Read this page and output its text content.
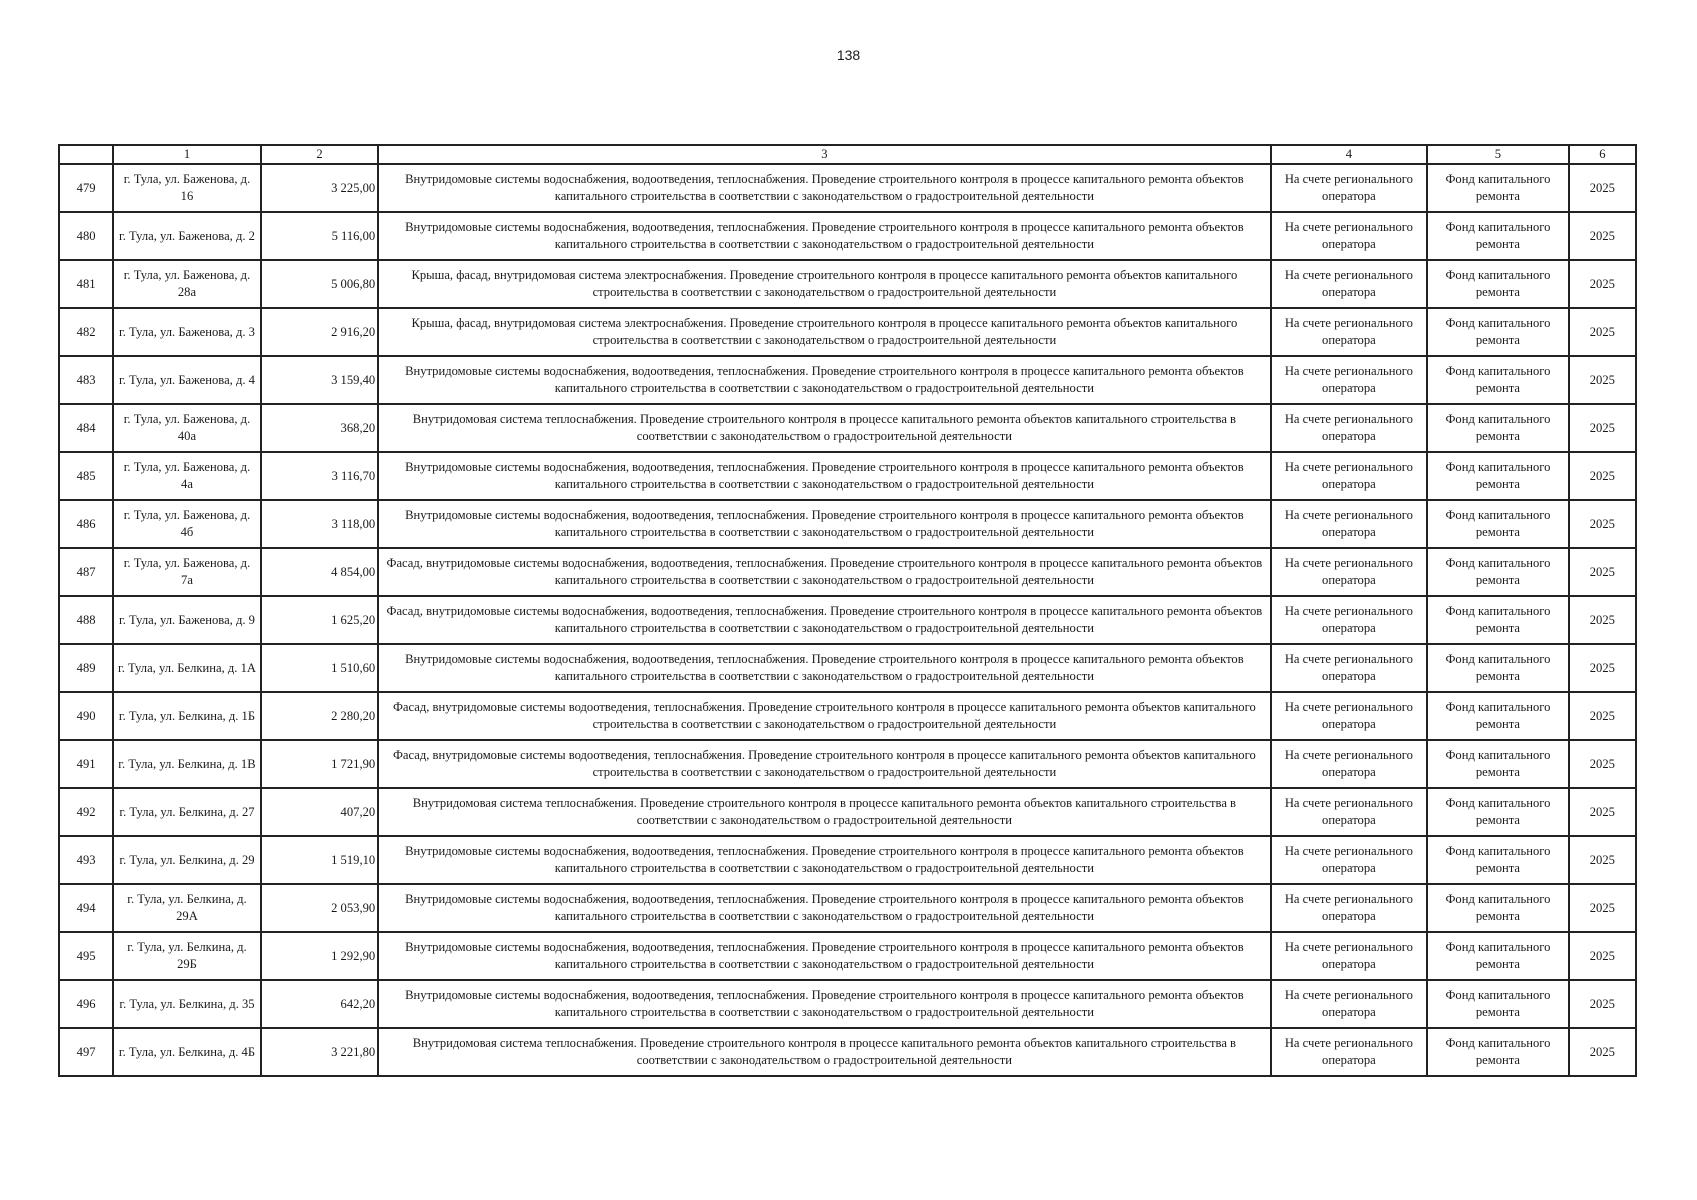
138
	1	2	3	4	5	6
479	г. Тула, ул. Баженова, д. 16	3 225,00	Внутридомовые системы водоснабжения, водоотведения, теплоснабжения. Проведение строительного контроля в процессе капитального ремонта объектов капитального строительства в соответствии с законодательством о градостроительной деятельности	На счете регионального оператора	Фонд капитального ремонта	2025
480	г. Тула, ул. Баженова, д. 2	5 116,00	Внутридомовые системы водоснабжения, водоотведения, теплоснабжения. Проведение строительного контроля в процессе капитального ремонта объектов капитального строительства в соответствии с законодательством о градостроительной деятельности	На счете регионального оператора	Фонд капитального ремонта	2025
481	г. Тула, ул. Баженова, д. 28а	5 006,80	Крыша, фасад, внутридомовая система электроснабжения. Проведение строительного контроля в процессе капитального ремонта объектов капитального строительства в соответствии с законодательством о градостроительной деятельности	На счете регионального оператора	Фонд капитального ремонта	2025
482	г. Тула, ул. Баженова, д. 3	2 916,20	Крыша, фасад, внутридомовая система электроснабжения. Проведение строительного контроля в процессе капитального ремонта объектов капитального строительства в соответствии с законодательством о градостроительной деятельности	На счете регионального оператора	Фонд капитального ремонта	2025
483	г. Тула, ул. Баженова, д. 4	3 159,40	Внутридомовые системы водоснабжения, водоотведения, теплоснабжения. Проведение строительного контроля в процессе капитального ремонта объектов капитального строительства в соответствии с законодательством о градостроительной деятельности	На счете регионального оператора	Фонд капитального ремонта	2025
484	г. Тула, ул. Баженова, д. 40а	368,20	Внутридомовая система теплоснабжения. Проведение строительного контроля в процессе капитального ремонта объектов капитального строительства в соответствии с законодательством о градостроительной деятельности	На счете регионального оператора	Фонд капитального ремонта	2025
485	г. Тула, ул. Баженова, д. 4а	3 116,70	Внутридомовые системы водоснабжения, водоотведения, теплоснабжения. Проведение строительного контроля в процессе капитального ремонта объектов капитального строительства в соответствии с законодательством о градостроительной деятельности	На счете регионального оператора	Фонд капитального ремонта	2025
486	г. Тула, ул. Баженова, д. 4б	3 118,00	Внутридомовые системы водоснабжения, водоотведения, теплоснабжения. Проведение строительного контроля в процессе капитального ремонта объектов капитального строительства в соответствии с законодательством о градостроительной деятельности	На счете регионального оператора	Фонд капитального ремонта	2025
487	г. Тула, ул. Баженова, д. 7а	4 854,00	Фасад, внутридомовые системы водоснабжения, водоотведения, теплоснабжения. Проведение строительного контроля в процессе капитального ремонта объектов капитального строительства в соответствии с законодательством о градостроительной деятельности	На счете регионального оператора	Фонд капитального ремонта	2025
488	г. Тула, ул. Баженова, д. 9	1 625,20	Фасад, внутридомовые системы водоснабжения, водоотведения, теплоснабжения. Проведение строительного контроля в процессе капитального ремонта объектов капитального строительства в соответствии с законодательством о градостроительной деятельности	На счете регионального оператора	Фонд капитального ремонта	2025
489	г. Тула, ул. Белкина, д. 1А	1 510,60	Внутридомовые системы водоснабжения, водоотведения, теплоснабжения. Проведение строительного контроля в процессе капитального ремонта объектов капитального строительства в соответствии с законодательством о градостроительной деятельности	На счете регионального оператора	Фонд капитального ремонта	2025
490	г. Тула, ул. Белкина, д. 1Б	2 280,20	Фасад, внутридомовые системы водоотведения, теплоснабжения. Проведение строительного контроля в процессе капитального ремонта объектов капитального строительства в соответствии с законодательством о градостроительной деятельности	На счете регионального оператора	Фонд капитального ремонта	2025
491	г. Тула, ул. Белкина, д. 1В	1 721,90	Фасад, внутридомовые системы водоотведения, теплоснабжения. Проведение строительного контроля в процессе капитального ремонта объектов капитального строительства в соответствии с законодательством о градостроительной деятельности	На счете регионального оператора	Фонд капитального ремонта	2025
492	г. Тула, ул. Белкина, д. 27	407,20	Внутридомовая система теплоснабжения. Проведение строительного контроля в процессе капитального ремонта объектов капитального строительства в соответствии с законодательством о градостроительной деятельности	На счете регионального оператора	Фонд капитального ремонта	2025
493	г. Тула, ул. Белкина, д. 29	1 519,10	Внутридомовые системы водоснабжения, водоотведения, теплоснабжения. Проведение строительного контроля в процессе капитального ремонта объектов капитального строительства в соответствии с законодательством о градостроительной деятельности	На счете регионального оператора	Фонд капитального ремонта	2025
494	г. Тула, ул. Белкина, д. 29А	2 053,90	Внутридомовые системы водоснабжения, водоотведения, теплоснабжения. Проведение строительного контроля в процессе капитального ремонта объектов капитального строительства в соответствии с законодательством о градостроительной деятельности	На счете регионального оператора	Фонд капитального ремонта	2025
495	г. Тула, ул. Белкина, д. 29Б	1 292,90	Внутридомовые системы водоснабжения, водоотведения, теплоснабжения. Проведение строительного контроля в процессе капитального ремонта объектов капитального строительства в соответствии с законодательством о градостроительной деятельности	На счете регионального оператора	Фонд капитального ремонта	2025
496	г. Тула, ул. Белкина, д. 35	642,20	Внутридомовые системы водоснабжения, водоотведения, теплоснабжения. Проведение строительного контроля в процессе капитального ремонта объектов капитального строительства в соответствии с законодательством о градостроительной деятельности	На счете регионального оператора	Фонд капитального ремонта	2025
497	г. Тула, ул. Белкина, д. 4Б	3 221,80	Внутридомовая система теплоснабжения. Проведение строительного контроля в процессе капитального ремонта объектов капитального строительства в соответствии с законодательством о градостроительной деятельности	На счете регионального оператора	Фонд капитального ремонта	2025
